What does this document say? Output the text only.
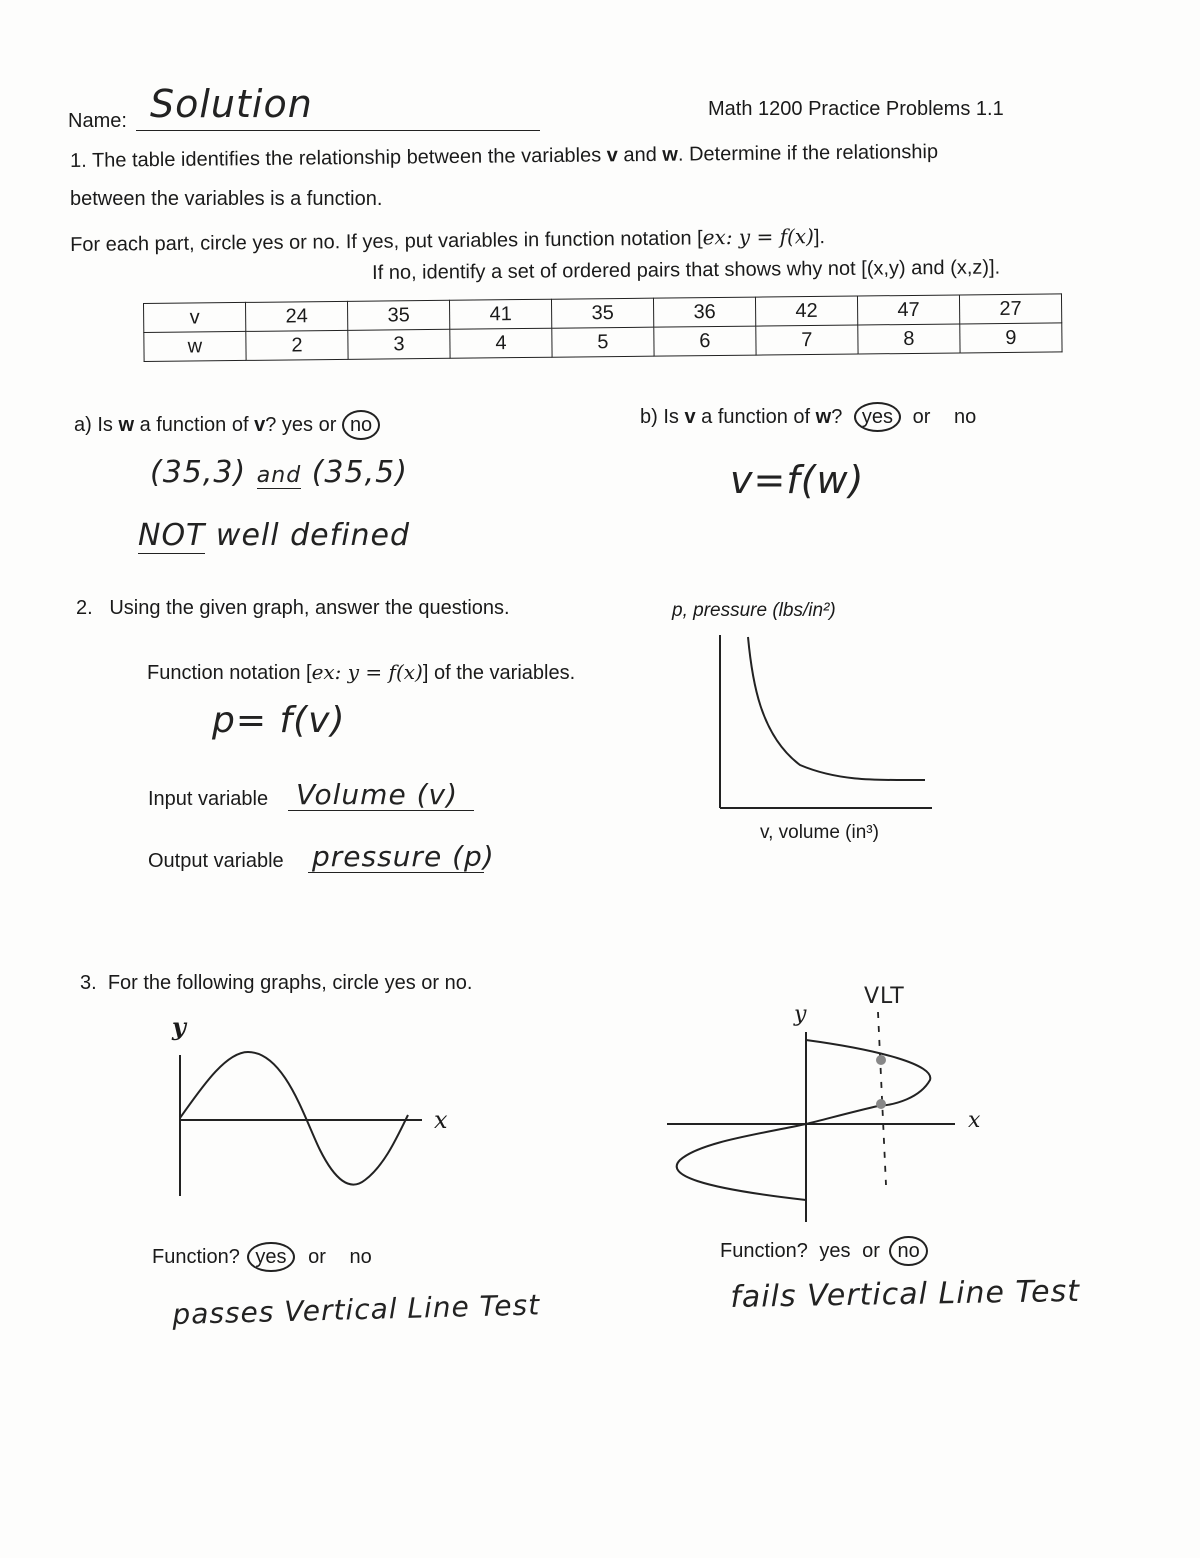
Name: Solution	Math 1200 Practice Problems 1.1
1. The table identifies the relationship between the variables v and w. Determine if the relationship
between the variables is a function.
For each part, circle yes or no. If yes, put variables in function notation [ex: y = f(x)].
If no, identify a set of ordered pairs that shows why not [(x,y) and (x,z)].
v	24	35	41	35	36	42	47	27
w	2	3	4	5	6	7	8	9
a) Is w a function of v? yes or no
(35,3) and (35,5)
NOT well defined
b) Is v a function of w? yes or no
v=f(w)
2. Using the given graph, answer the questions.
Function notation [ex: y = f(x)] of the variables.
p= f(v)
Input variable Volume (v)
Output variable pressure (p)
p, pressure (lbs/in²)
v, volume (in³)
3. For the following graphs, circle yes or no.
y
x
Function? yes or no
passes Vertical Line Test
VLT
y
x
Function? yes or no
fails Vertical Line Test
